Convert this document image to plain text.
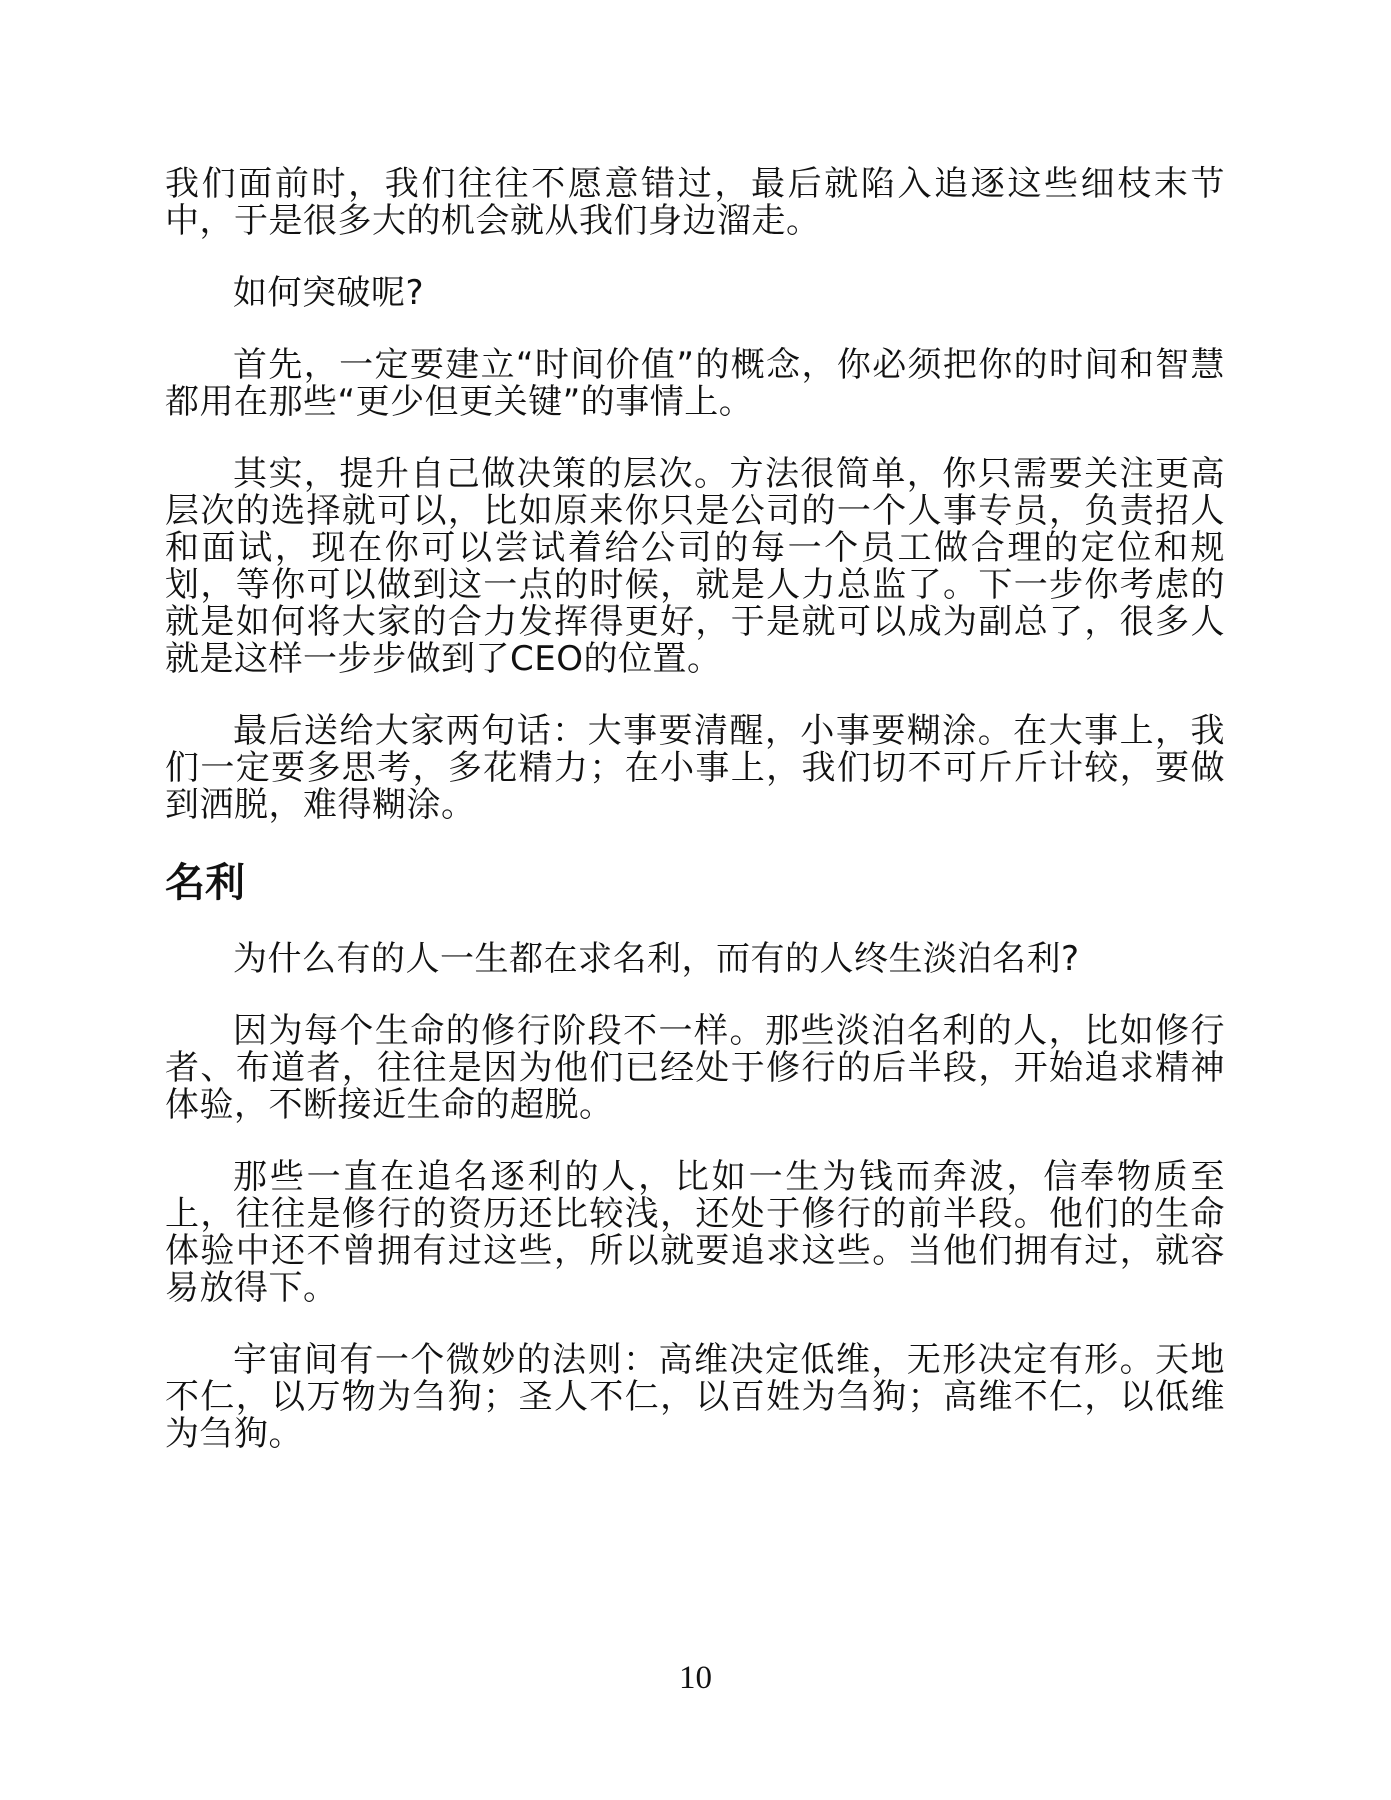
我们面前时，我们往往不愿意错过，最后就陷入追逐这些细枝末节中，于是很多大的机会就从我们身边溜走。

如何突破呢?

首先，一定要建立“时间价值”的概念，你必须把你的时间和智慧都用在那些“更少但更关键”的事情上。

其实，提升自己做决策的层次。方法很简单，你只需要关注更高层次的选择就可以，比如原来你只是公司的一个人事专员，负责招人和面试，现在你可以尝试着给公司的每一个员工做合理的定位和规划，等你可以做到这一点的时候，就是人力总监了。下一步你考虑的就是如何将大家的合力发挥得更好，于是就可以成为副总了，很多人就是这样一步步做到了CEO的位置。

最后送给大家两句话：大事要清醒，小事要糊涂。在大事上，我们一定要多思考，多花精力；在小事上，我们切不可斤斤计较，要做到洒脱，难得糊涂。

名利

为什么有的人一生都在求名利，而有的人终生淡泊名利?

因为每个生命的修行阶段不一样。那些淡泊名利的人，比如修行者、布道者，往往是因为他们已经处于修行的后半段，开始追求精神体验，不断接近生命的超脱。

那些一直在追名逐利的人，比如一生为钱而奔波，信奉物质至上，往往是修行的资历还比较浅，还处于修行的前半段。他们的生命体验中还不曾拥有过这些，所以就要追求这些。当他们拥有过，就容易放得下。

宇宙间有一个微妙的法则：高维决定低维，无形决定有形。天地不仁，以万物为刍狗；圣人不仁，以百姓为刍狗；高维不仁，以低维为刍狗。

10
